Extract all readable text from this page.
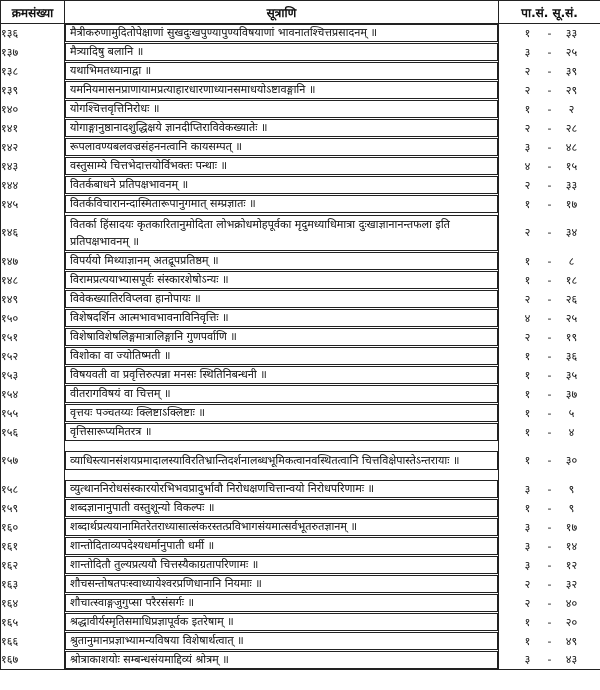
क्रमसंख्या	सूत्राणि	पा.सं. सू.सं.
१३६	मैत्रीकरुणामुदितोपेक्षाणां सुखदुःखपुण्यापुण्यविषयाणां भावनातश्चित्तप्रसादनम् ॥	१ - ३३

१३७	मैत्र्यादिषु बलानि ॥	३ - २५

१३८	यथाभिमतध्यानाद्वा ॥	२ - ३९

१३९	यमनियमासनप्राणायामप्रत्याहारधारणाध्यानसमाधयोऽष्टावङ्गानि ॥	२ - २९

१४०	योगश्चित्तवृत्तिनिरोधः ॥	१ - २

१४१	योगाङ्गानुष्ठानादशुद्धिक्षये ज्ञानदीप्तिराविवेकख्यातेः ॥	२ - २८

१४२	रूपलावण्यबलवज्रसंहननत्वानि कायसम्पत् ॥	३ - ४८

१४३	वस्तुसाम्ये चित्तभेदात्तयोर्विभक्तः पन्थाः ॥	४ - १५

१४४	वितर्कबाधने प्रतिपक्षभावनम् ॥	२ - ३३

१४५	वितर्कविचारानन्दास्मितारूपानुगमात् सम्प्रज्ञातः ॥	१ - १७

१४६	वितर्का हिंसादयः कृतकारितानुमोदिता लोभक्रोधमोहपूर्वका मृदुमध्याधिमात्रा दुःखाज्ञानानन्तफला इति प्रतिपक्षभावनम् ॥	२ - ३४

१४७	विपर्ययो मिथ्याज्ञानम् अतद्रूपप्रतिष्ठम् ॥	१ - ८

१४८	विरामप्रत्ययाभ्यासपूर्वः संस्कारशेषोऽन्यः ॥	१ - १८

१४९	विवेकख्यातिरविप्लवा हानोपायः ॥	२ - २६

१५०	विशेषदर्शिन आत्मभावभावनाविनिवृत्तिः ॥	४ - २५

१५१	विशेषाविशेषलिङ्गमात्रालिङ्गानि गुणपर्वाणि ॥	२ - १९

१५२	विशोका वा ज्योतिष्मती ॥	१ - ३६

१५३	विषयवती वा प्रवृत्तिरुत्पन्ना मनसः स्थितिनिबन्धनी ॥	१ - ३५

१५४	वीतरागविषयं वा चित्तम् ॥	१ - ३७

१५५	वृत्तयः पञ्चतय्यः क्लिष्टाऽक्लिष्टाः ॥	१ - ५

१५६	वृत्तिसारूप्यमितरत्र ॥	१ - ४

१५७	व्याधिस्त्यानसंशयप्रमादालस्याविरतिभ्रान्तिदर्शनालब्धभूमिकत्वानवस्थितत्वानि चित्तविक्षेपास्तेऽन्तरायाः ॥	१ - ३०

१५८	व्युत्थाननिरोधसंस्कारयोरभिभवप्रादुर्भावौ निरोधक्षणचित्तान्वयो निरोधपरिणामः ॥	३ - ९

१५९	शब्दज्ञानानुपाती वस्तुशून्यो विकल्पः ॥	१ - ९

१६०	शब्दार्थप्रत्ययानामितरेतराध्यासात्संकरस्तत्प्रविभागसंयमात्सर्वभूतरुतज्ञानम् ॥	३ - १७

१६१	शान्तोदिताव्यपदेश्यधर्मानुपाती धर्मी ॥	३ - १४

१६२	शान्तोदितौ तुल्यप्रत्ययौ चित्तस्यैकाग्रतापरिणामः ॥	३ - १२

१६३	शौचसन्तोषतपःस्वाध्यायेश्वरप्रणिधानानि नियमाः ॥	२ - ३२

१६४	शौचात्स्वाङ्गजुगुप्सा परैरसंसर्गः ॥	२ - ४०

१६५	श्रद्धावीर्यस्मृतिसमाधिप्रज्ञापूर्वक इतरेषाम् ॥	१ - २०

१६६	श्रुतानुमानप्रज्ञाभ्यामन्यविषया विशेषार्थत्वात् ॥	१ - ४९

१६७	श्रोत्राकाशयोः सम्बन्धसंयमाद्दिव्यं श्रोत्रम् ॥	३ - ४३
